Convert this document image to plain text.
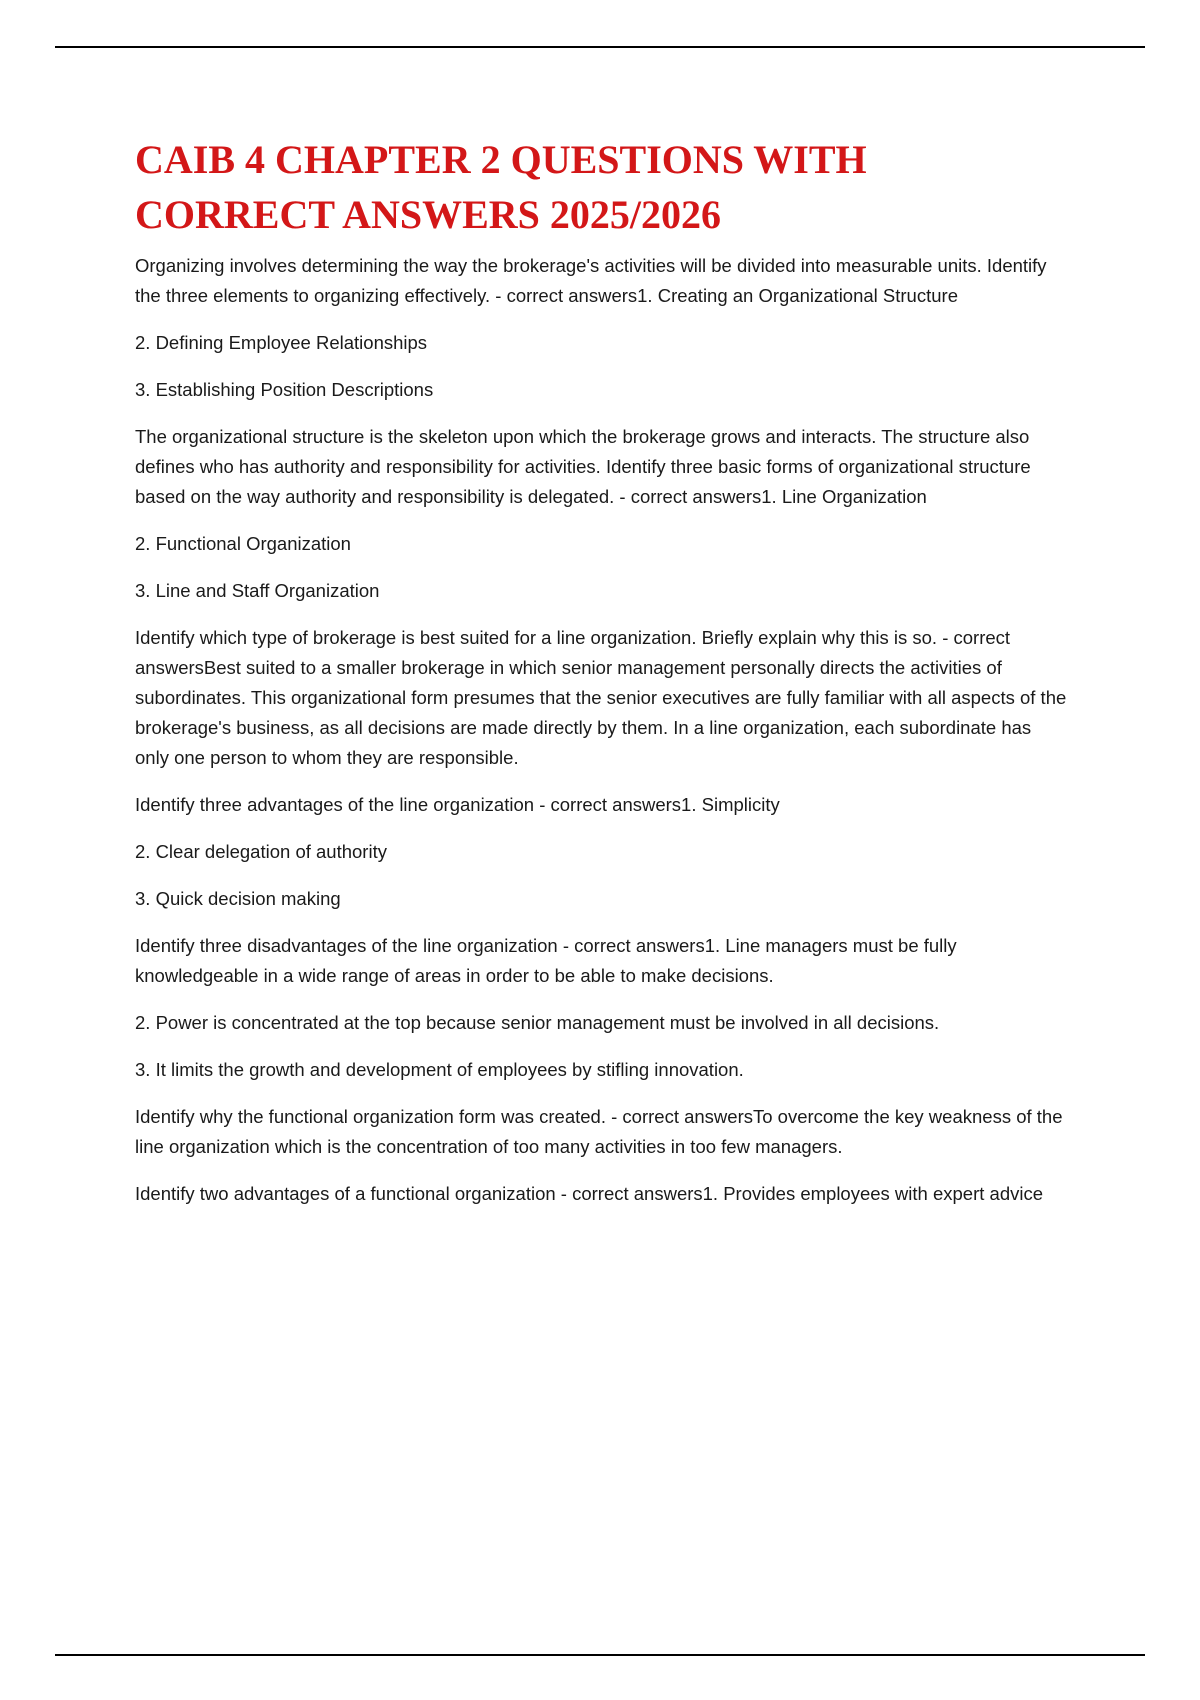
CAIB 4 CHAPTER 2 QUESTIONS WITH
CORRECT ANSWERS 2025/2026

Organizing involves determining the way the brokerage's activities will be divided into measurable units. Identify the three elements to organizing effectively. - correct answers1. Creating an Organizational Structure

2. Defining Employee Relationships

3. Establishing Position Descriptions

The organizational structure is the skeleton upon which the brokerage grows and interacts. The structure also defines who has authority and responsibility for activities. Identify three basic forms of organizational structure based on the way authority and responsibility is delegated. - correct answers1. Line Organization

2. Functional Organization

3. Line and Staff Organization

Identify which type of brokerage is best suited for a line organization. Briefly explain why this is so. - correct answersBest suited to a smaller brokerage in which senior management personally directs the activities of subordinates. This organizational form presumes that the senior executives are fully familiar with all aspects of the brokerage's business, as all decisions are made directly by them. In a line organization, each subordinate has only one person to whom they are responsible.

Identify three advantages of the line organization - correct answers1. Simplicity

2. Clear delegation of authority

3. Quick decision making

Identify three disadvantages of the line organization - correct answers1. Line managers must be fully knowledgeable in a wide range of areas in order to be able to make decisions.

2. Power is concentrated at the top because senior management must be involved in all decisions.

3. It limits the growth and development of employees by stifling innovation.

Identify why the functional organization form was created. - correct answersTo overcome the key weakness of the line organization which is the concentration of too many activities in too few managers.

Identify two advantages of a functional organization - correct answers1. Provides employees with expert advice
